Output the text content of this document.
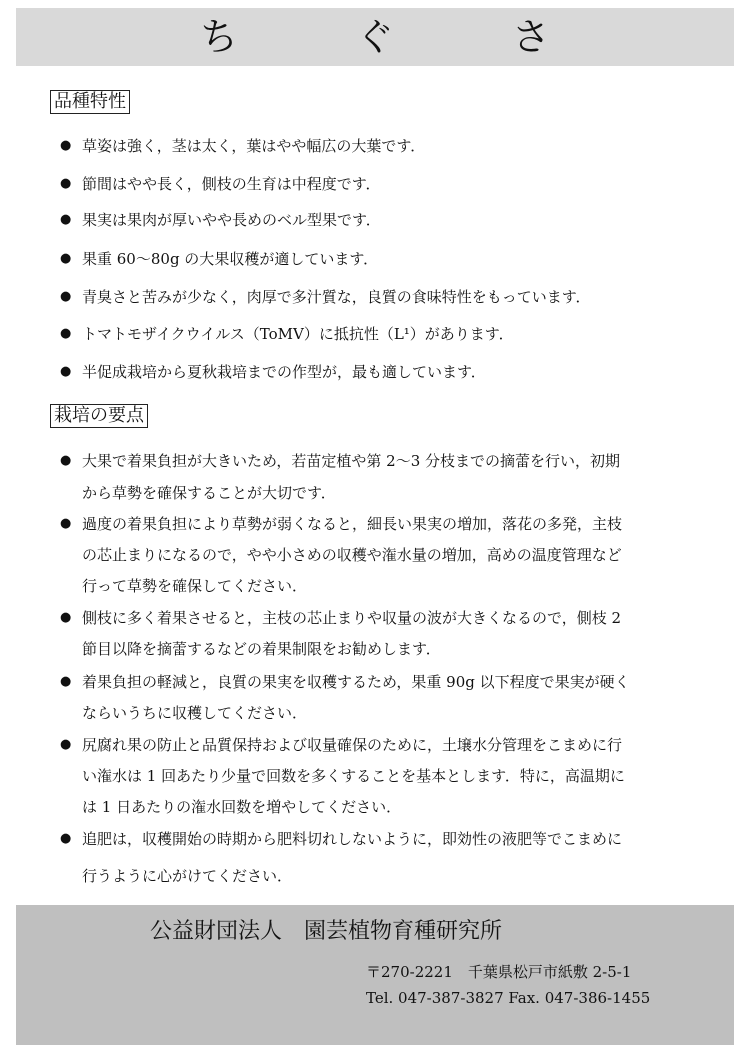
ち　ぐ　さ
品種特性
● 草姿は強く，茎は太く，葉はやや幅広の大葉です．
● 節間はやや長く，側枝の生育は中程度です．
● 果実は果肉が厚いやや長めのベル型果です．
● 果重 60～80g の大果収穫が適しています．
● 青臭さと苦みが少なく，肉厚で多汁質な，良質の食味特性をもっています．
● トマトモザイクウイルス（ToMV）に抵抗性（L¹）があります．
● 半促成栽培から夏秋栽培までの作型が，最も適しています．
栽培の要点
● 大果で着果負担が大きいため，若苗定植や第 2～3 分枝までの摘蕾を行い，初期
から草勢を確保することが大切です．
● 過度の着果負担により草勢が弱くなると，細長い果実の増加，落花の多発，主枝
の芯止まりになるので，やや小さめの収穫や潅水量の増加，高めの温度管理など
行って草勢を確保してください．
● 側枝に多く着果させると，主枝の芯止まりや収量の波が大きくなるので，側枝 2
節目以降を摘蕾するなどの着果制限をお勧めします．
● 着果負担の軽減と，良質の果実を収穫するため，果重 90g 以下程度で果実が硬く
ならいうちに収穫してください．
● 尻腐れ果の防止と品質保持および収量確保のために，土壌水分管理をこまめに行
い潅水は 1 回あたり少量で回数を多くすることを基本とします．特に，高温期に
は 1 日あたりの潅水回数を増やしてください．
● 追肥は，収穫開始の時期から肥料切れしないように，即効性の液肥等でこまめに
行うように心がけてください．
公益財団法人　園芸植物育種研究所
〒270-2221　千葉県松戸市紙敷 2-5-1
Tel. 047-387-3827 Fax. 047-386-1455
